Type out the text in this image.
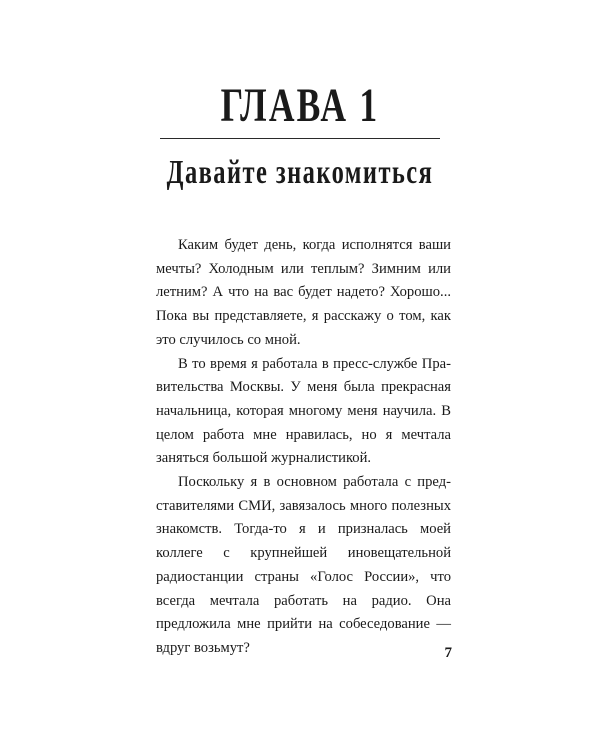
ГЛАВА 1
Давайте знакомиться

Каким будет день, когда исполнятся ваши мечты? Холодным или теплым? Зимним или летним? А что на вас будет надето? Хорошо... Пока вы представляете, я расскажу о том, как это случилось со мной.

В то время я работала в пресс-службе Правительства Москвы. У меня была прекрасная начальница, которая многому меня научила. В целом работа мне нравилась, но я мечтала заняться большой журналистикой.

Поскольку я в основном работала с представителями СМИ, завязалось много полезных знакомств. Тогда-то я и призналась моей коллеге с крупнейшей иновещательной радиостанции страны «Голос России», что всегда мечтала работать на радио. Она предложила мне прийти на собеседование — вдруг возьмут?	7
